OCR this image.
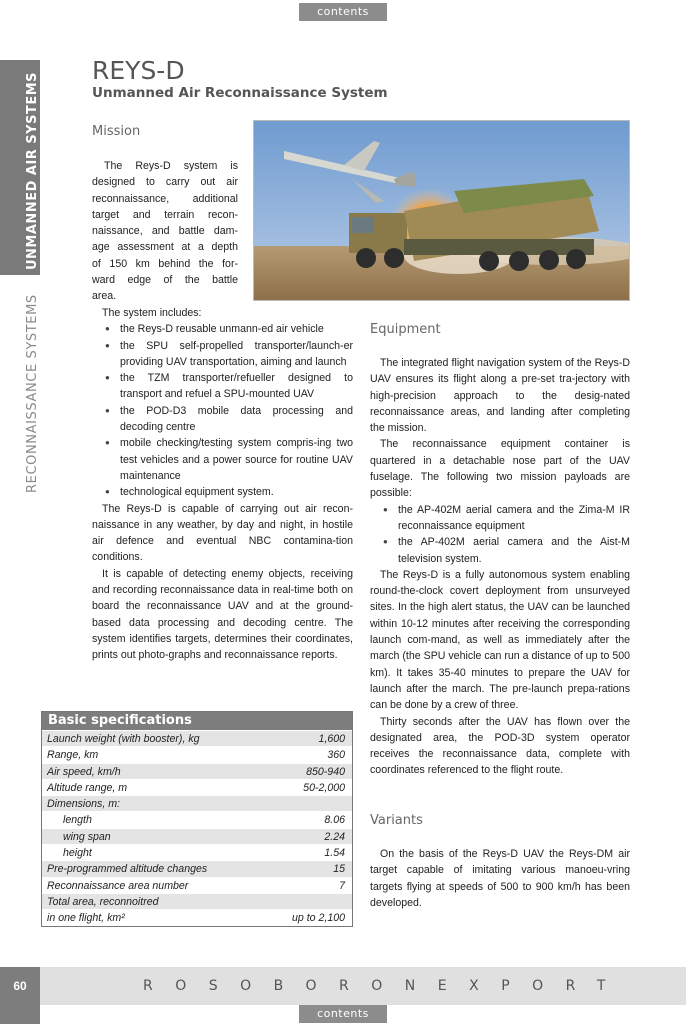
contents
UNMANNED AIR SYSTEMS
RECONNAISSANCE SYSTEMS
REYS-D
Unmanned Air Reconnaissance System
Mission
The Reys-D system is
designed to carry out air
reconnaissance, additional
target and terrain recon-
naissance, and battle dam-
age assessment at a depth
of 150 km behind the for-
ward edge of the battle
area.

The system includes:

● the Reys-D reusable unmann-ed air vehicle
● the SPU self-propelled transporter/launch-er providing UAV transportation, aiming and launch
● the TZM transporter/refueller designed to transport and refuel a SPU-mounted UAV
● the POD-D3 mobile data processing and decoding centre
● mobile checking/testing system compris-ing two test vehicles and a power source for routine UAV maintenance
● technological equipment system.

The Reys-D is capable of carrying out air recon-naissance in any weather, by day and night, in hostile air defence and eventual NBC contamina-tion conditions.

It is capable of detecting enemy objects, receiving and recording reconnaissance data in real-time both on board the reconnaissance UAV and at the ground-based data processing and decoding centre. The system identifies targets, determines their coordinates, prints out photo-graphs and reconnaissance reports.

Basic specifications
Launch weight (with booster), kg	1,600
Range, km	360
Air speed, km/h	850-940
Altitude range, m	50-2,000
Dimensions, m:
length	8.06
wing span	2.24
height	1.54
Pre-programmed altitude changes	15
Reconnaissance area number	7
Total area, reconnoitred
in one flight, km²	up to 2,100
Equipment

The integrated flight navigation system of the Reys-D UAV ensures its flight along a pre-set tra-jectory with high-precision approach to the desig-nated reconnaissance areas, and landing after completing the mission.

The reconnaissance equipment container is quartered in a detachable nose part of the UAV fuselage. The following two mission payloads are possible:

● the AP-402M aerial camera and the Zima-M IR reconnaissance equipment
● the AP-402M aerial camera and the Aist-M television system.

The Reys-D is a fully autonomous system enabling round-the-clock covert deployment from unsurveyed sites. In the high alert status, the UAV can be launched within 10-12 minutes after receiving the corresponding launch com-mand, as well as immediately after the march (the SPU vehicle can run a distance of up to 500 km). It takes 35-40 minutes to prepare the UAV for launch after the march. The pre-launch prepa-rations can be done by a crew of three.

Thirty seconds after the UAV has flown over the designated area, the POD-3D system operator receives the reconnaissance data, complete with coordinates referenced to the flight route.

Variants

On the basis of the Reys-D UAV the Reys-DM air target capable of imitating various manoeu-vring targets flying at speeds of 500 to 900 km/h has been developed.

60	ROSOBORONEXPORT
contents
